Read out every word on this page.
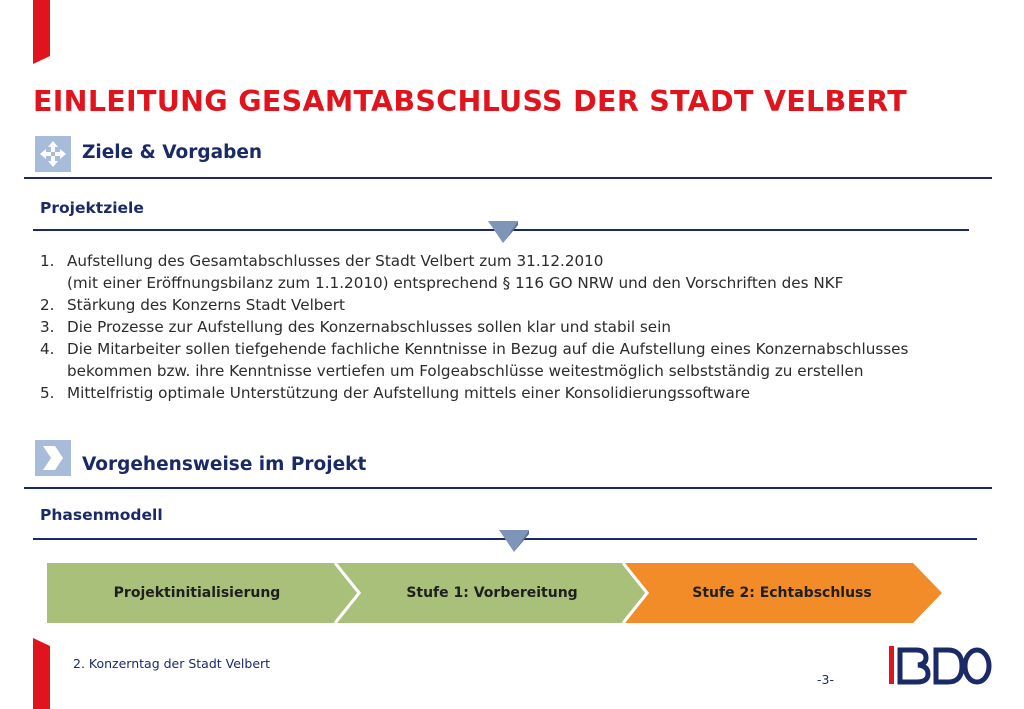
EINLEITUNG GESAMTABSCHLUSS DER STADT VELBERT
Ziele & Vorgaben
Projektziele
1. Aufstellung des Gesamtabschlusses der Stadt Velbert zum 31.12.2010
(mit einer Eröffnungsbilanz zum 1.1.2010) entsprechend § 116 GO NRW und den Vorschriften des NKF
2. Stärkung des Konzerns Stadt Velbert
3. Die Prozesse zur Aufstellung des Konzernabschlusses sollen klar und stabil sein
4. Die Mitarbeiter sollen tiefgehende fachliche Kenntnisse in Bezug auf die Aufstellung eines Konzernabschlusses
bekommen bzw. ihre Kenntnisse vertiefen um Folgeabschlüsse weitestmöglich selbstständig zu erstellen
5. Mittelfristig optimale Unterstützung der Aufstellung mittels einer Konsolidierungssoftware
Vorgehensweise im Projekt
Phasenmodell
Projektinitialisierung	Stufe 1: Vorbereitung	Stufe 2: Echtabschluss
2. Konzerntag der Stadt Velbert
-3-
